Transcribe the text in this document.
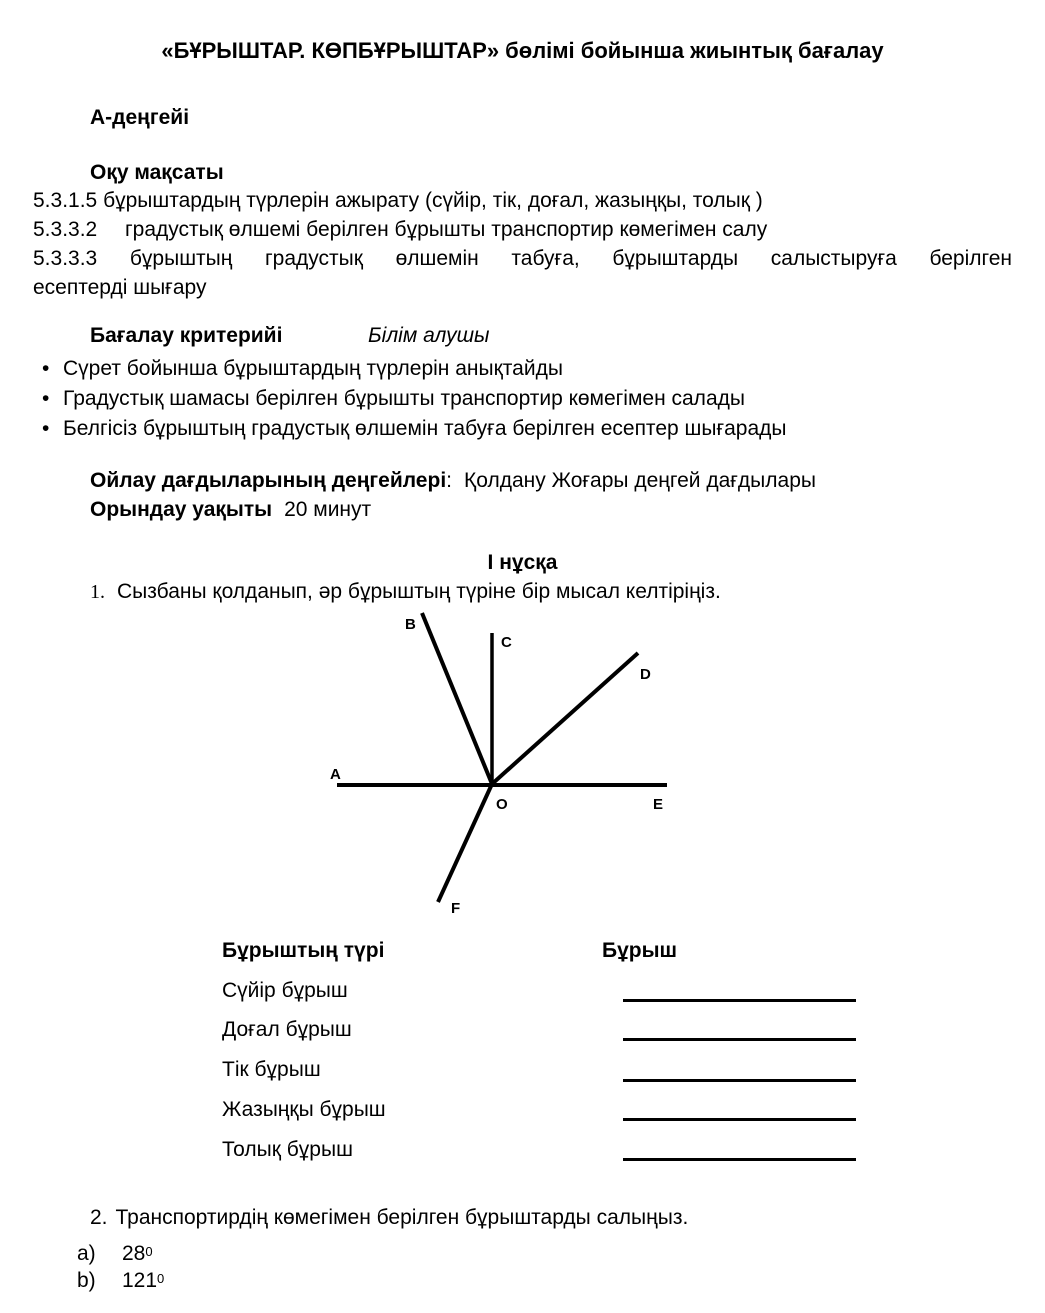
«БҰРЫШТАР. КӨПБҰРЫШТАР» бөлімі бойынша жиынтық бағалау
А-деңгейі
Оқу мақсаты
5.3.1.5 бұрыштардың түрлерін ажырату (сүйір, тік, доғал, жазыңқы, толық )
5.3.3.2 градустық өлшемі берілген бұрышты транспортир көмегімен салу
5.3.3.3 бұрыштың градустық өлшемін табуға, бұрыштарды салыстыруға берілген
есептерді шығару
Бағалау критерийі	Білім алушы
• Сүрет бойынша бұрыштардың түрлерін анықтайды
• Градустық шамасы берілген бұрышты транспортир көмегімен салады
• Белгісіз бұрыштың градустық өлшемін табуға берілген есептер шығарады
Ойлау дағдыларының деңгейлері: Қолдану Жоғары деңгей дағдылары
Орындау уақыты 20 минут
І нұсқа
1. Сызбаны қолданып, әр бұрыштың түріне бір мысал келтіріңіз.
A
B
C
D
E
O
F
Бұрыштың түрі	Бұрыш
Сүйір бұрыш
Доғал бұрыш
Тік бұрыш
Жазыңқы бұрыш
Толық бұрыш
2. Транспортирдің көмегімен берілген бұрыштарды салыңыз.
a) $28^0$
b) $121^0$
